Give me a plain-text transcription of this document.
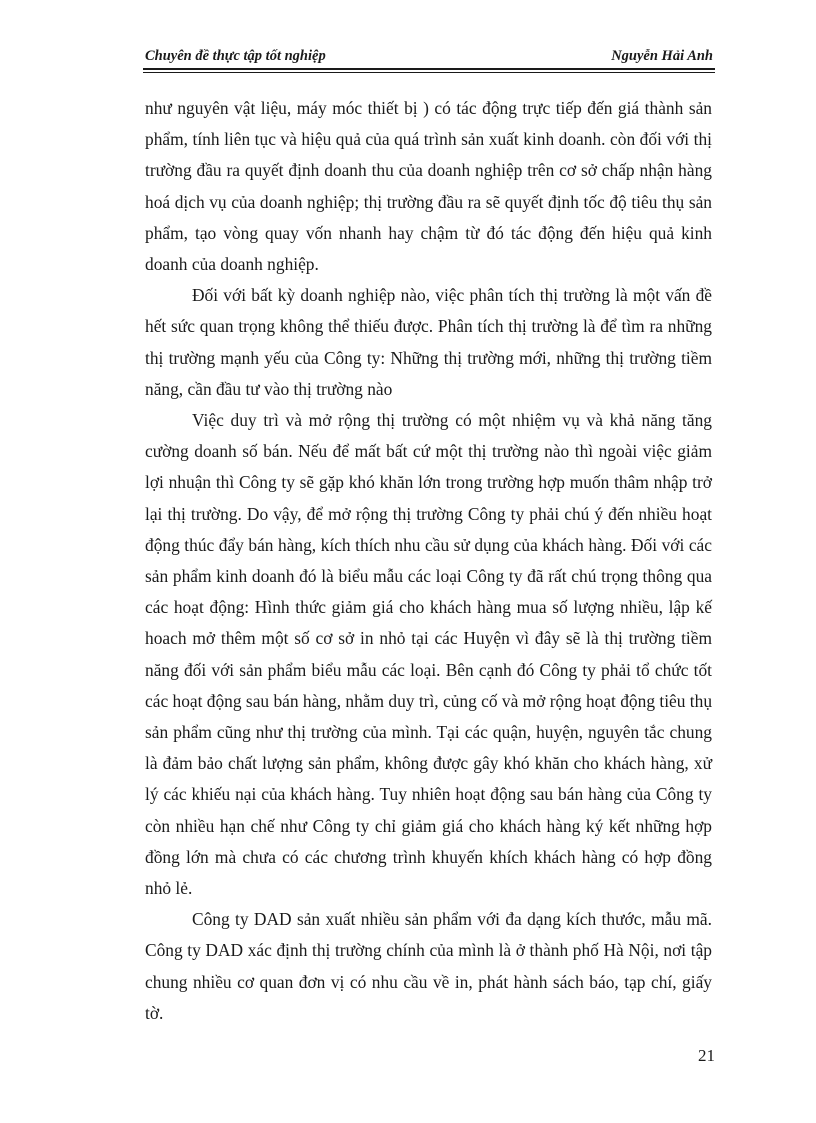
Chuyên đề thực tập tốt nghiệp	Nguyễn Hải Anh

như nguyên vật liệu, máy móc thiết bị ) có tác động trực tiếp đến giá thành sản phẩm, tính liên tục và hiệu quả của quá trình sản xuất kinh doanh. còn đối với thị trường đầu ra quyết định doanh thu của doanh nghiệp trên cơ sở chấp nhận hàng hoá dịch vụ của doanh nghiệp; thị trường đầu ra sẽ quyết định tốc độ tiêu thụ sản phẩm, tạo vòng quay vốn nhanh hay chậm từ đó tác động đến hiệu quả kinh doanh của doanh nghiệp.

Đối với bất kỳ doanh nghiệp nào, việc phân tích thị trường là một vấn đề hết sức quan trọng không thể thiếu được. Phân tích thị trường là để tìm ra những thị trường mạnh yếu của Công ty: Những thị trường mới, những thị trường tiềm năng, cần đầu tư vào thị trường nào

Việc duy trì và mở rộng thị trường có một nhiệm vụ và khả năng tăng cường doanh số bán. Nếu để mất bất cứ một thị trường nào thì ngoài việc giảm lợi nhuận thì Công ty sẽ gặp khó khăn lớn trong trường hợp muốn thâm nhập trở lại thị trường. Do vậy, để mở rộng thị trường Công ty phải chú ý đến nhiều hoạt động thúc đẩy bán hàng, kích thích nhu cầu sử dụng của khách hàng. Đối với các sản phẩm kinh doanh đó là biểu mẫu các loại Công ty đã rất chú trọng thông qua các hoạt động: Hình thức giảm giá cho khách hàng mua số lượng nhiều, lập kế hoach mở thêm một số cơ sở in nhỏ tại các Huyện vì đây sẽ là thị trường tiềm năng đối với sản phẩm biểu mẫu các loại. Bên cạnh đó Công ty phải tổ chức tốt các hoạt động sau bán hàng, nhằm duy trì, củng cố và mở rộng hoạt động tiêu thụ sản phẩm cũng như thị trường của mình. Tại các quận, huyện, nguyên tắc chung là đảm bảo chất lượng sản phẩm, không được gây khó khăn cho khách hàng, xử lý các khiếu nại của khách hàng. Tuy nhiên hoạt động sau bán hàng của Công ty còn nhiều hạn chế như Công ty chỉ giảm giá cho khách hàng ký kết những hợp đồng lớn mà chưa có các chương trình khuyến khích khách hàng có hợp đồng nhỏ lẻ.

Công ty DAD sản xuất nhiều sản phẩm với đa dạng kích thước, mẫu mã. Công ty DAD xác định thị trường chính của mình là ở thành phố Hà Nội, nơi tập chung nhiều cơ quan đơn vị có nhu cầu về in, phát hành sách báo, tạp chí, giấy tờ.

21
